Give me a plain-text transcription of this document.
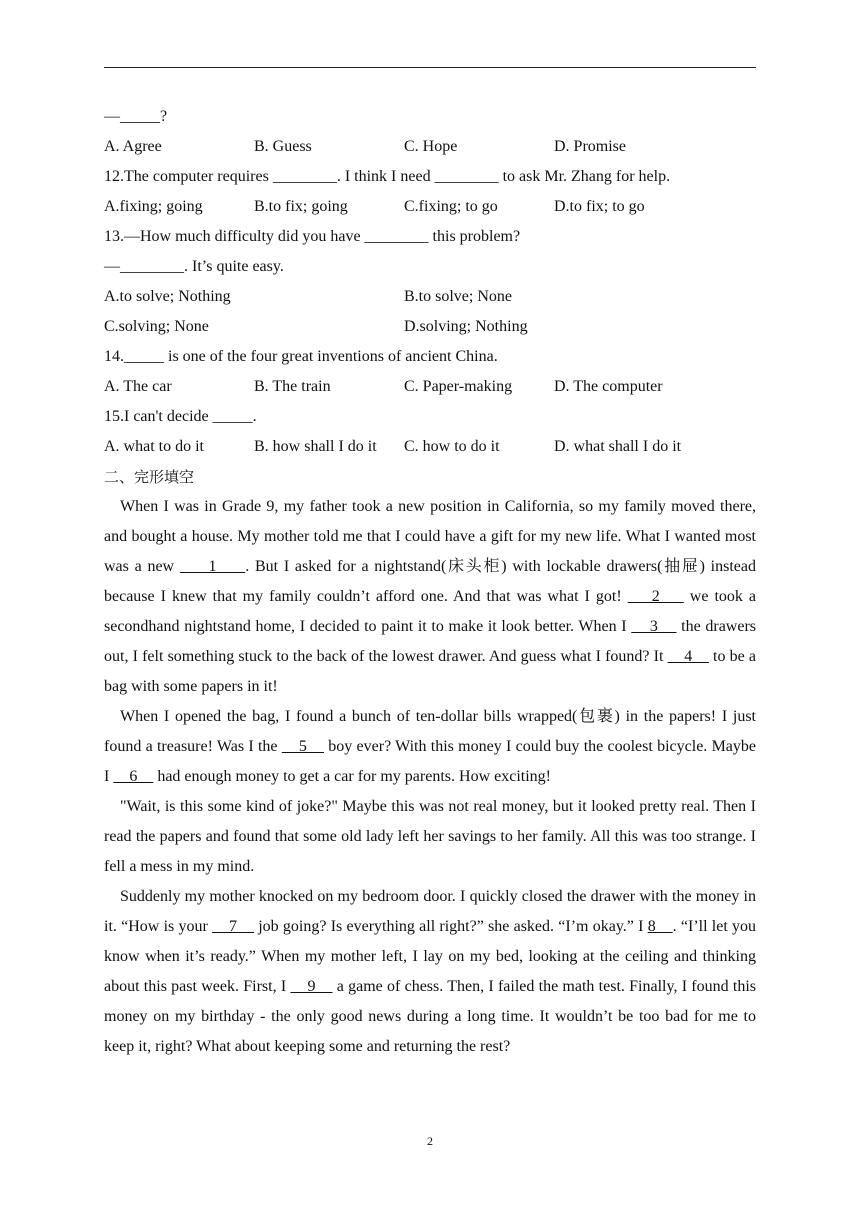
—_____?
A. Agree	B. Guess	C. Hope	D. Promise
12.The computer requires ________. I think I need ________ to ask Mr. Zhang for help.
A.fixing; going	B.to fix; going	C.fixing; to go	D.to fix; to go
13.—How much difficulty did you have ________ this problem?
—________. It’s quite easy.
A.to solve; Nothing	B.to solve; None
C.solving; None	D.solving; Nothing
14._____ is one of the four great inventions of ancient China.
A. The car	B. The train	C. Paper-making	D. The computer
15.I can't decide _____.
A. what to do it	B. how shall I do it	C. how to do it	D. what shall I do it
二、完形填空

When I was in Grade 9, my father took a new position in California, so my family moved there, and bought a house. My mother told me that I could have a gift for my new life. What I wanted most was a new      1     . But I asked for a nightstand(床头柜) with lockable drawers(抽屉) instead because I knew that my family couldn’t afford one. And that was what I got!     2     we took a secondhand nightstand home, I decided to paint it to make it look better. When I     3     the drawers out, I felt something stuck to the back of the lowest drawer. And guess what I found? It     4     to be a bag with some papers in it!

When I opened the bag, I found a bunch of ten-dollar bills wrapped(包裹) in the papers! I just found a treasure! Was I the     5     boy ever? With this money I could buy the coolest bicycle. Maybe I     6     had enough money to get a car for my parents. How exciting!

"Wait, is this some kind of joke?" Maybe this was not real money, but it looked pretty real. Then I read the papers and found that some old lady left her savings to her family. All this was too strange. I fell a mess in my mind.

Suddenly my mother knocked on my bedroom door. I quickly closed the drawer with the money in it. “How is your     7     job going? Is everything all right?” she asked. “I’m okay.” I 8    . “I’ll let you know when it’s ready.” When my mother left, I lay on my bed, looking at the ceiling and thinking about this past week. First, I     9     a game of chess. Then, I failed the math test. Finally, I found this money on my birthday - the only good news during a long time. It wouldn’t be too bad for me to keep it, right? What about keeping some and returning the rest?

2
